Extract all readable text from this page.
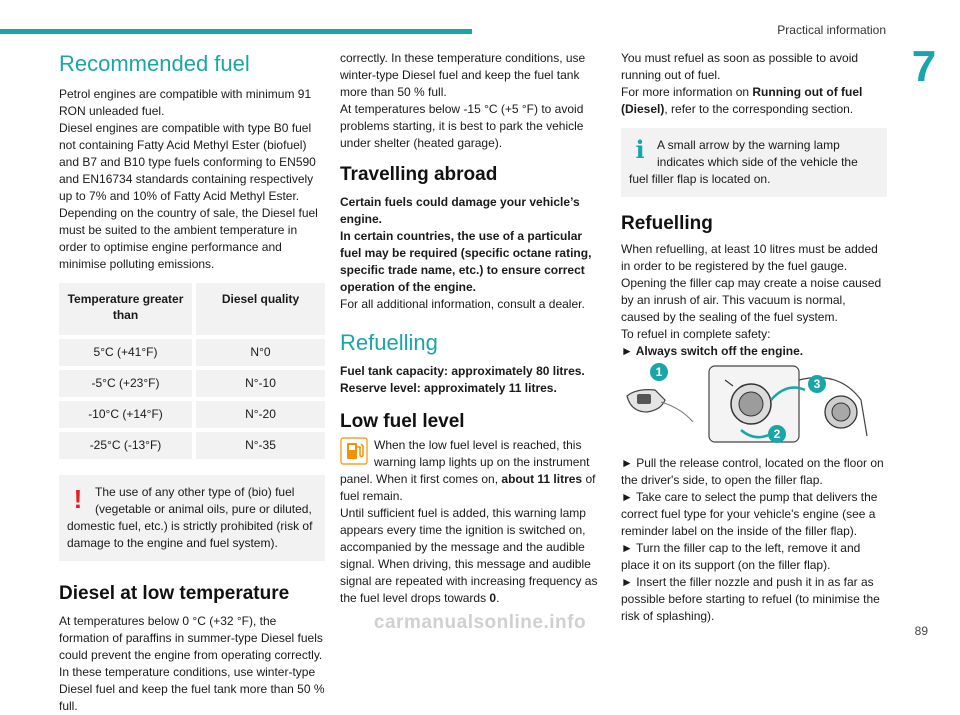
Practical information
7
Recommended fuel

Petrol engines are compatible with minimum 91 RON unleaded fuel.

Diesel engines are compatible with type B0 fuel not containing Fatty Acid Methyl Ester (biofuel) and B7 and B10 type fuels conforming to EN590 and EN16734 standards containing respectively up to 7% and 10% of Fatty Acid Methyl Ester.

Depending on the country of sale, the Diesel fuel must be suited to the ambient temperature in order to optimise engine performance and minimise polluting emissions.

Temperature greater than		Diesel quality
5°C (+41°F)		N°0
-5°C (+23°F)		N°-10
-10°C (+14°F)		N°-20
-25°C (-13°F)		N°-35
!	The use of any other type of (bio) fuel (vegetable or animal oils, pure or diluted, domestic fuel, etc.) is strictly prohibited (risk of damage to the engine and fuel system).
Diesel at low temperature

At temperatures below 0 °C (+32 °F), the formation of paraffins in summer-type Diesel fuels could prevent the engine from operating correctly. In these temperature conditions, use winter-type Diesel fuel and keep the fuel tank more than 50 % full.

correctly. In these temperature conditions, use winter-type Diesel fuel and keep the fuel tank more than 50 % full.

At temperatures below -15 °C (+5 °F) to avoid problems starting, it is best to park the vehicle under shelter (heated garage).

Travelling abroad

Certain fuels could damage your vehicle’s engine.
In certain countries, the use of a particular fuel may be required (specific octane rating, specific trade name, etc.) to ensure correct operation of the engine.

For all additional information, consult a dealer.

Refuelling

Fuel tank capacity: approximately 80 litres.

Reserve level: approximately 11 litres.

Low fuel level

When the low fuel level is reached, this warning lamp lights up on the instrument panel. When it first comes on, about 11 litres of fuel remain.

Until sufficient fuel is added, this warning lamp appears every time the ignition is switched on, accompanied by the message and the audible signal. When driving, this message and audible signal are repeated with increasing frequency as the fuel level drops towards 0.

You must refuel as soon as possible to avoid running out of fuel.

For more information on Running out of fuel (Diesel), refer to the corresponding section.

i	A small arrow by the warning lamp indicates which side of the vehicle the fuel filler flap is located on.
Refuelling

When refuelling, at least 10 litres must be added in order to be registered by the fuel gauge.

Opening the filler cap may create a noise caused by an inrush of air. This vacuum is normal, caused by the sealing of the fuel system.

To refuel in complete safety:

► Always switch off the engine.

1
2
3

► Pull the release control, located on the floor on the driver's side, to open the filler flap.

► Take care to select the pump that delivers the correct fuel type for your vehicle's engine (see a reminder label on the inside of the filler flap).

► Turn the filler cap to the left, remove it and place it on its support (on the filler flap).

► Insert the filler nozzle and push it in as far as possible before starting to refuel (to minimise the risk of splashing).

carmanualsonline.info	89
